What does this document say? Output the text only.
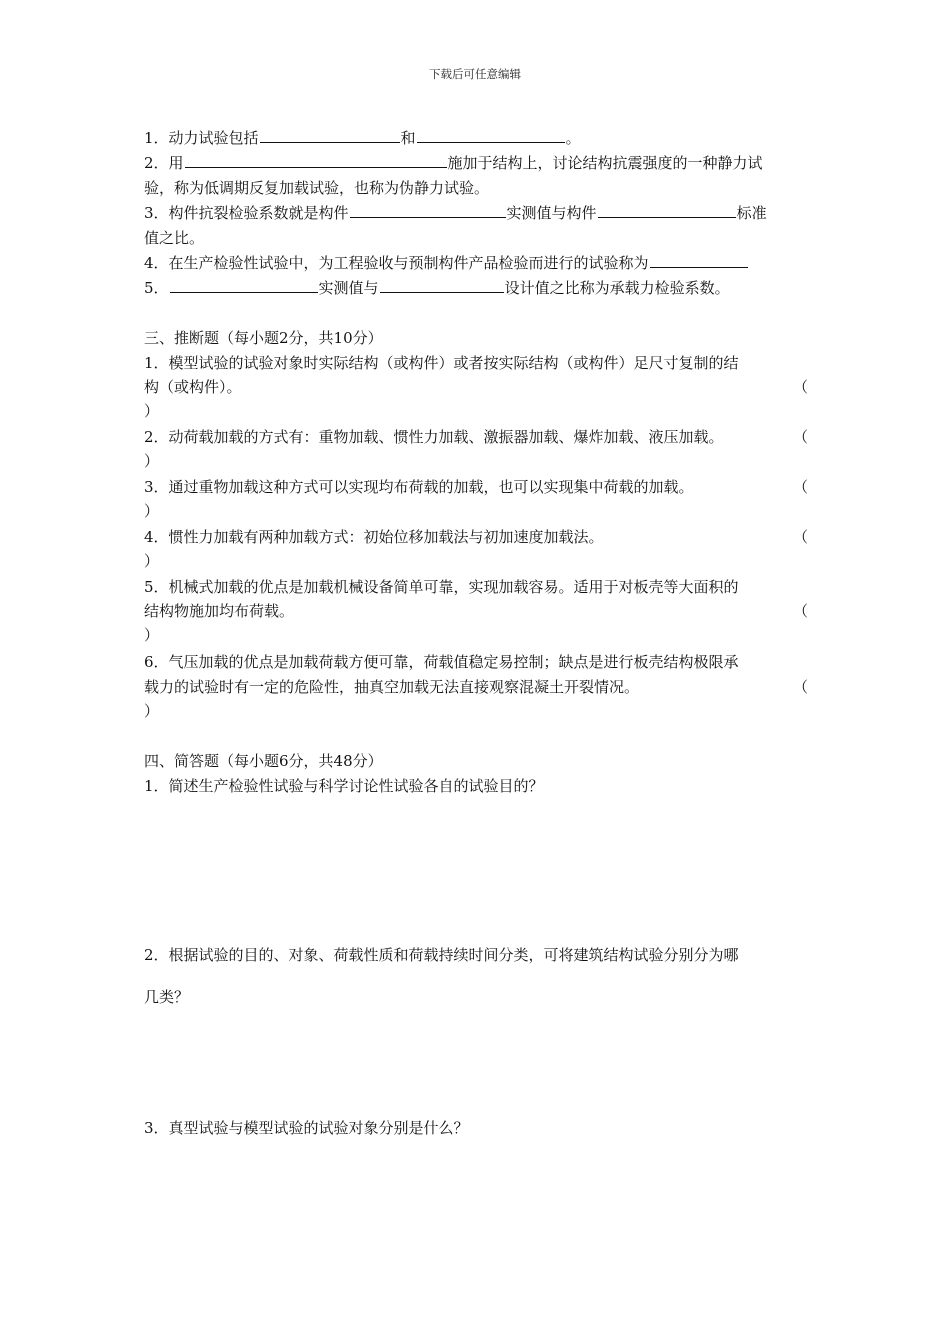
下载后可任意编辑
1．动力试验包括	和	。
2．用	施加于结构上，讨论结构抗震强度的一种静力试
验，称为低调期反复加载试验，也称为伪静力试验。
3．构件抗裂检验系数就是构件	实测值与构件	标准
值之比。
4．在生产检验性试验中，为工程验收与预制构件产品检验而进行的试验称为
5．	实测值与	设计值之比称为承载力检验系数。
三、推断题（每小题2分，共10分）
1．模型试验的试验对象时实际结构（或构件）或者按实际结构（或构件）足尺寸复制的结
构（或构件）。	（
）
2．动荷载加载的方式有：重物加载、惯性力加载、激振器加载、爆炸加载、液压加载。	（
）
3．通过重物加载这种方式可以实现均布荷载的加载，也可以实现集中荷载的加载。	（
）
4．惯性力加载有两种加载方式：初始位移加载法与初加速度加载法。	（
）
5．机械式加载的优点是加载机械设备简单可靠，实现加载容易。适用于对板壳等大面积的
结构物施加均布荷载。	（
）
6．气压加载的优点是加载荷载方便可靠，荷载值稳定易控制；缺点是进行板壳结构极限承
载力的试验时有一定的危险性，抽真空加载无法直接观察混凝土开裂情况。	（
）
四、简答题（每小题6分，共48分）
1．简述生产检验性试验与科学讨论性试验各自的试验目的？
2．根据试验的目的、对象、荷载性质和荷载持续时间分类，可将建筑结构试验分别分为哪
几类？
3．真型试验与模型试验的试验对象分别是什么？
